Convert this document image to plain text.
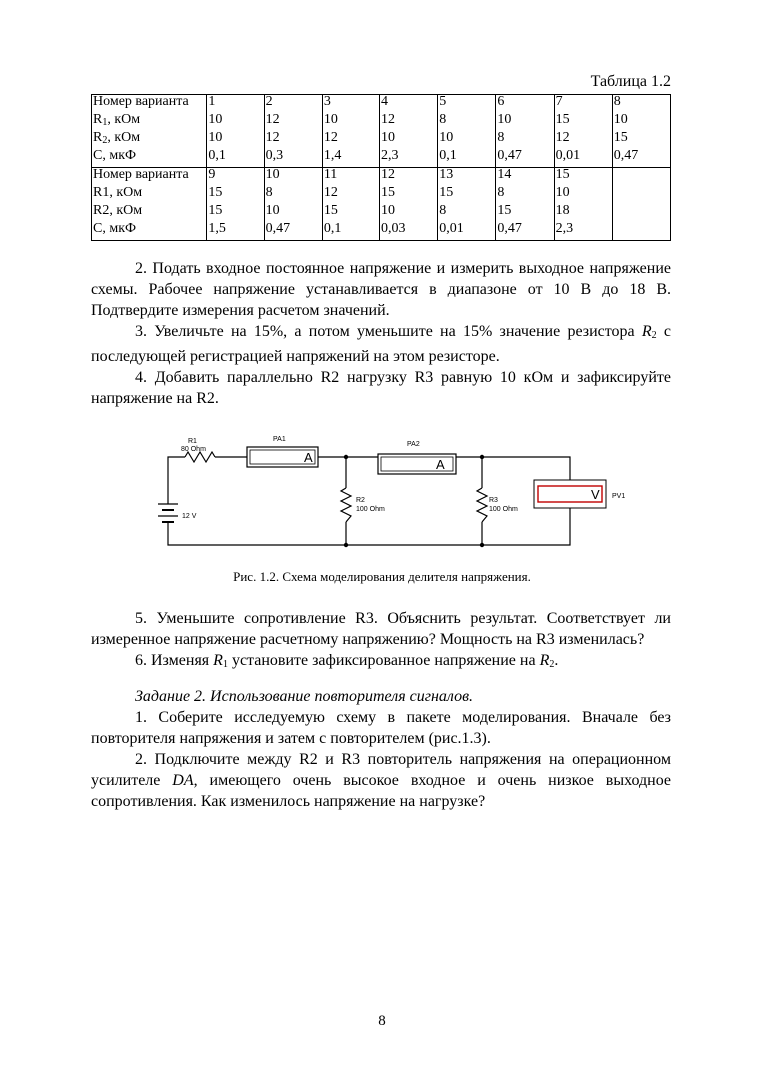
Таблица 1.2
Номер варианта	1	2	3	4	5	6	7	8
$R_1$, кОм	10	12	10	12	8	10	15	10
$R_2$, кОм	10	12	12	10	10	8	12	15
С, мкФ	0,1	0,3	1,4	2,3	0,1	0,47	0,01	0,47
Номер варианта	9	10	11	12	13	14	15	
R1, кОм	15	8	12	15	15	8	10	
R2, кОм	15	10	15	10	8	15	18	
С, мкФ	1,5	0,47	0,1	0,03	0,01	0,47	2,3	

2. Подать входное постоянное напряжение и измерить выходное напряжение схемы. Рабочее напряжение устанавливается в диапазоне от 10 В до 18 В. Подтвердите измерения расчетом значений.

3. Увеличьте на 15%, а потом уменьшите на 15% значение резистора $R_2$ с последующей регистрацией напряжений на этом резисторе.

4. Добавить параллельно R2 нагрузку R3 равную 10 кОм и зафиксируйте напряжение на R2.

A	A
V
R1
80 Ohm
PA1
PA2
R2
100 Ohm
R3
100 Ohm
12 V
PV1
Рис. 1.2. Схема моделирования делителя напряжения.

5. Уменьшите сопротивление R3. Объяснить результат. Соответствует ли измеренное напряжение расчетному напряжению? Мощность на R3 изменилась?

6. Изменяя $R_1$ установите зафиксированное напряжение на $R_2$.

Задание 2. Использование повторителя сигналов.

1. Соберите исследуемую схему в пакете моделирования. Вначале без повторителя напряжения и затем с повторителем (рис.1.3).

2. Подключите между R2 и R3 повторитель напряжения на операционном усилителе DA, имеющего очень высокое входное и очень низкое выходное сопротивления. Как изменилось напряжение на нагрузке?

8
